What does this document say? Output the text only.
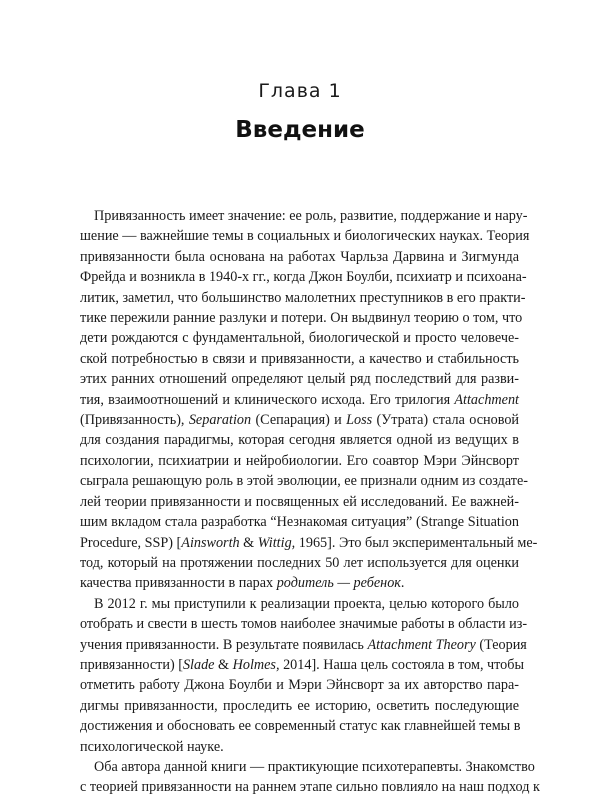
Глава 1
Введение
Привязанность имеет значение: ее роль, развитие, поддержание и нару-
шение — важнейшие темы в социальных и биологических науках. Теория
привязанности была основана на работах Чарльза Дарвина и Зигмунда
Фрейда и возникла в 1940-х гг., когда Джон Боулби, психиатр и психоана-
литик, заметил, что большинство малолетних преступников в его практи-
тике пережили ранние разлуки и потери. Он выдвинул теорию о том, что
дети рождаются с фундаментальной, биологической и просто человече-
ской потребностью в связи и привязанности, а качество и стабильность
этих ранних отношений определяют целый ряд последствий для разви-
тия, взаимоотношений и клинического исхода. Его трилогия Attachment
(Привязанность), Separation (Сепарация) и Loss (Утрата) стала основой
для создания парадигмы, которая сегодня является одной из ведущих в
психологии, психиатрии и нейробиологии. Его соавтор Мэри Эйнсворт
сыграла решающую роль в этой эволюции, ее признали одним из создате-
лей теории привязанности и посвященных ей исследований. Ее важней-
шим вкладом стала разработка “Незнакомая ситуация” (Strange Situation
Procedure, SSP) [Ainsworth & Wittig, 1965]. Это был экспериментальный ме-
тод, который на протяжении последних 50 лет используется для оценки
качества привязанности в парах родитель — ребенок.
В 2012 г. мы приступили к реализации проекта, целью которого было
отобрать и свести в шесть томов наиболее значимые работы в области из-
учения привязанности. В результате появилась Attachment Theory (Теория
привязанности) [Slade & Holmes, 2014]. Наша цель состояла в том, чтобы
отметить работу Джона Боулби и Мэри Эйнсворт за их авторство пара-
дигмы привязанности, проследить ее историю, осветить последующие
достижения и обосновать ее современный статус как главнейшей темы в
психологической науке.
Оба автора данной книги — практикующие психотерапевты. Знакомство
с теорией привязанности на раннем этапе сильно повлияло на наш подход к
